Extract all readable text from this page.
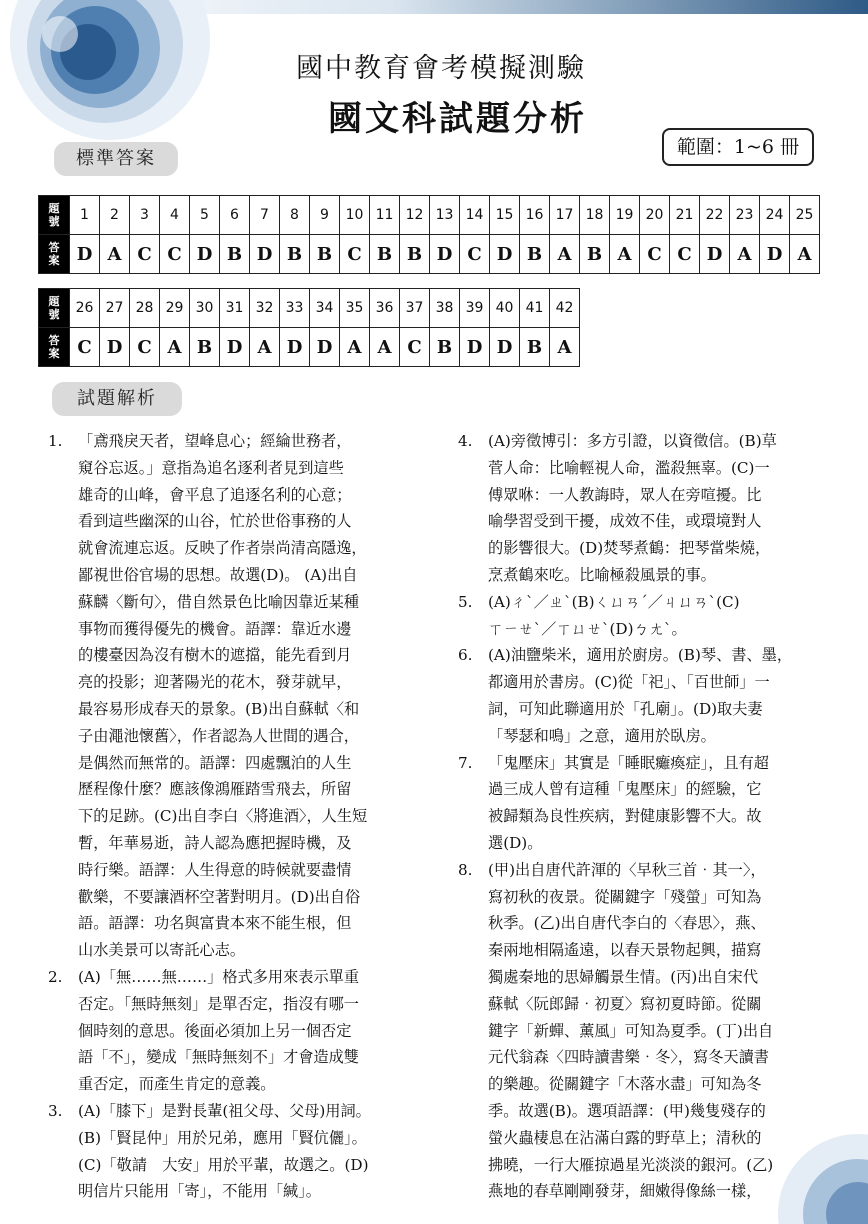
國中教育會考模擬測驗
國文科試題分析
範圍：1~6 冊
標準答案
題
號	1	2	3	4	5	6	7	8	9	10	11	12	13	14	15	16	17	18	19	20	21	22	23	24	25

答
案	D	A	C	C	D	B	D	B	B	C	B	B	D	C	D	B	A	B	A	C	C	D	A	D	A
題
號	26	27	28	29	30	31	32	33	34	35	36	37	38	39	40	41	42

答
案	C	D	C	A	B	D	A	D	D	A	A	C	B	D	D	B	A
試題解析
1.	「鳶飛戾天者，望峰息心；經綸世務者，
窺谷忘返。」意指為追名逐利者見到這些
雄奇的山峰，會平息了追逐名利的心意；
看到這些幽深的山谷，忙於世俗事務的人
就會流連忘返。反映了作者崇尚清高隱逸，
鄙視世俗官場的思想。故選(D)。 (A)出自
蘇麟〈斷句〉，借自然景色比喻因靠近某種
事物而獲得優先的機會。語譯：靠近水邊
的樓臺因為沒有樹木的遮擋，能先看到月
亮的投影；迎著陽光的花木，發芽就早，
最容易形成春天的景象。(B)出自蘇軾〈和
子由澠池懷舊〉，作者認為人世間的遇合，
是偶然而無常的。語譯：四處飄泊的人生
歷程像什麼？應該像鴻雁踏雪飛去，所留
下的足跡。(C)出自李白〈將進酒〉，人生短
暫，年華易逝，詩人認為應把握時機，及
時行樂。語譯：人生得意的時候就要盡情
歡樂，不要讓酒杯空著對明月。(D)出自俗
語。語譯：功名與富貴本來不能生根，但
山水美景可以寄託心志。
2.	(A)「無……無……」格式多用來表示單重
否定。「無時無刻」是單否定，指沒有哪一
個時刻的意思。後面必須加上另一個否定
語「不」，變成「無時無刻不」才會造成雙
重否定，而產生肯定的意義。
3.	(A)「膝下」是對長輩(祖父母、父母)用詞。
(B)「賢昆仲」用於兄弟，應用「賢伉儷」。
(C)「敬請　大安」用於平輩，故選之。(D)
明信片只能用「寄」，不能用「緘」。
4.	(A)旁徵博引：多方引證，以資徵信。(B)草
菅人命：比喻輕視人命，濫殺無辜。(C)一
傅眾咻：一人教誨時，眾人在旁喧擾。比
喻學習受到干擾，成效不佳，或環境對人
的影響很大。(D)焚琴煮鶴：把琴當柴燒，
烹煮鶴來吃。比喻極殺風景的事。
5.	(A)ㄔˋ／ㄓˋ(B)ㄑㄩㄢˊ／ㄐㄩㄢˋ(C)
ㄒㄧㄝˋ／ㄒㄩㄝˋ(D)ㄅㄤˋ。
6.	(A)油鹽柴米，適用於廚房。(B)琴、書、墨，
都適用於書房。(C)從「祀」、「百世師」一
詞，可知此聯適用於「孔廟」。(D)取夫妻
「琴瑟和鳴」之意，適用於臥房。
7.	「鬼壓床」其實是「睡眠癱瘓症」，且有超
過三成人曾有這種「鬼壓床」的經驗，它
被歸類為良性疾病，對健康影響不大。故
選(D)。
8.	(甲)出自唐代許渾的〈早秋三首‧其一〉，
寫初秋的夜景。從關鍵字「殘螢」可知為
秋季。(乙)出自唐代李白的〈春思〉，燕、
秦兩地相隔遙遠，以春天景物起興，描寫
獨處秦地的思婦觸景生情。(丙)出自宋代
蘇軾〈阮郎歸‧初夏〉寫初夏時節。從關
鍵字「新蟬、薰風」可知為夏季。(丁)出自
元代翁森〈四時讀書樂‧冬〉，寫冬天讀書
的樂趣。從關鍵字「木落水盡」可知為冬
季。故選(B)。選項語譯：(甲)幾隻殘存的
螢火蟲棲息在沾滿白露的野草上；清秋的
拂曉，一行大雁掠過星光淡淡的銀河。(乙)
燕地的春草剛剛發芽，細嫩得像絲一樣，
